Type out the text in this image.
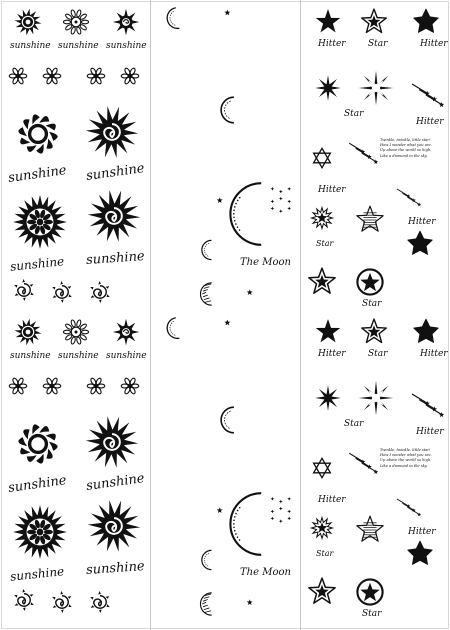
sunshine sunshine sunshine
sunshine sunshine
sunshine sunshine	The Moon
Hitter Star	Hitter
Star
Hitter
Twinkle, twinkle, little star!
How I wonder what you are.
Up above the world so high,
Like a diamond in the sky.
Hitter
Star
Hitter
Star
sunshine sunshine sunshine
sunshine sunshine
sunshine sunshine	The Moon
Hitter Star	Hitter
Star
Hitter
Twinkle, twinkle, little star!
How I wonder what you are.
Up above the world so high,
Like a diamond in the sky.
Hitter
Star
Hitter
Star
